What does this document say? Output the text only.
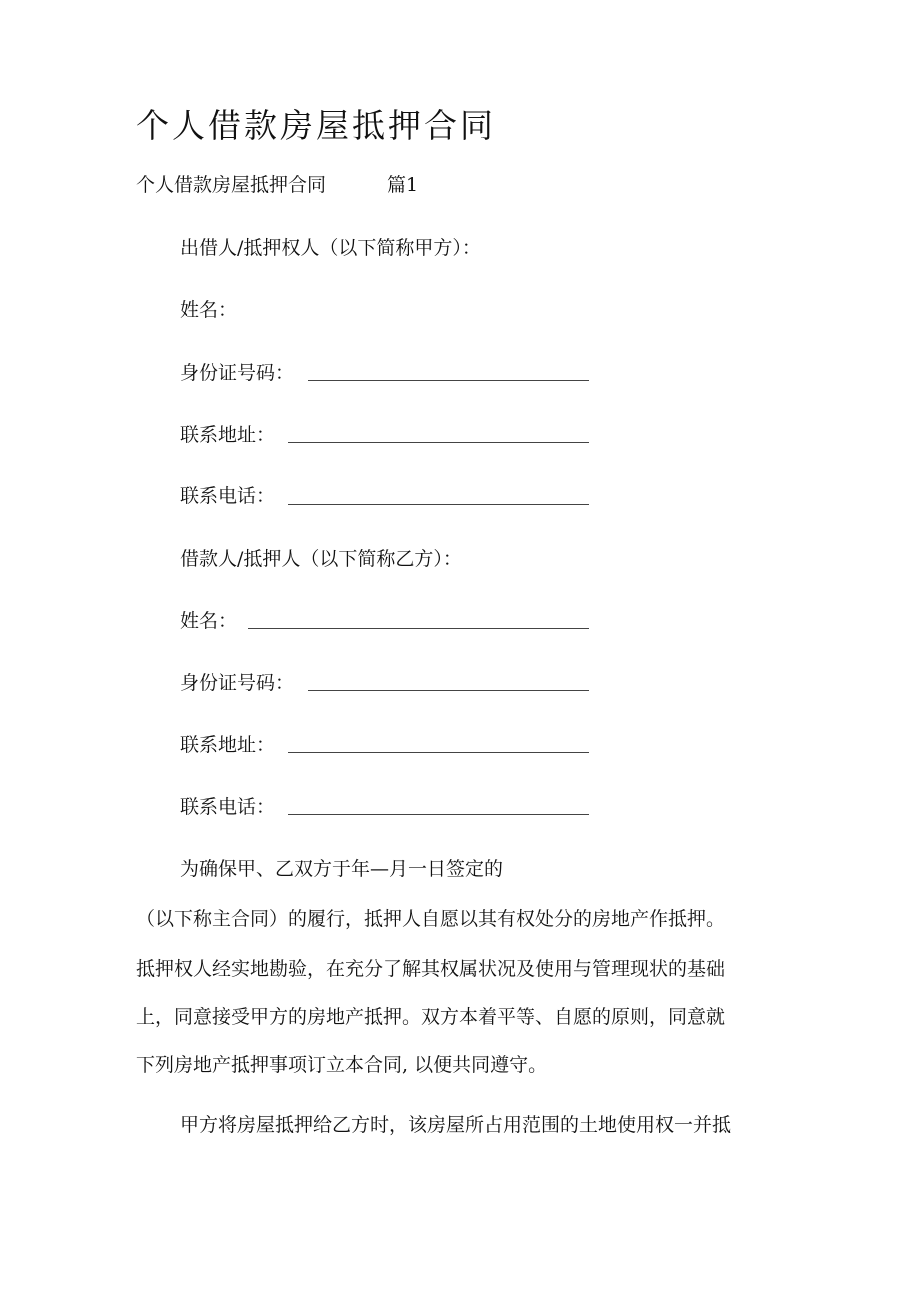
个人借款房屋抵押合同
个人借款房屋抵押合同	篇1
出借人/抵押权人（以下简称甲方）：
姓名：
身份证号码：
联系地址：
联系电话：
借款人/抵押人（以下简称乙方）：
姓名：
身份证号码：
联系地址：
联系电话：
为确保甲、乙双方于年—月一日签定的
（以下称主合同）的履行，抵押人自愿以其有权处分的房地产作抵押。
抵押权人经实地勘验，在充分了解其权属状况及使用与管理现状的基础
上，同意接受甲方的房地产抵押。双方本着平等、自愿的原则，同意就
下列房地产抵押事项订立本合同, 以便共同遵守。
甲方将房屋抵押给乙方时，该房屋所占用范围的土地使用权一并抵
